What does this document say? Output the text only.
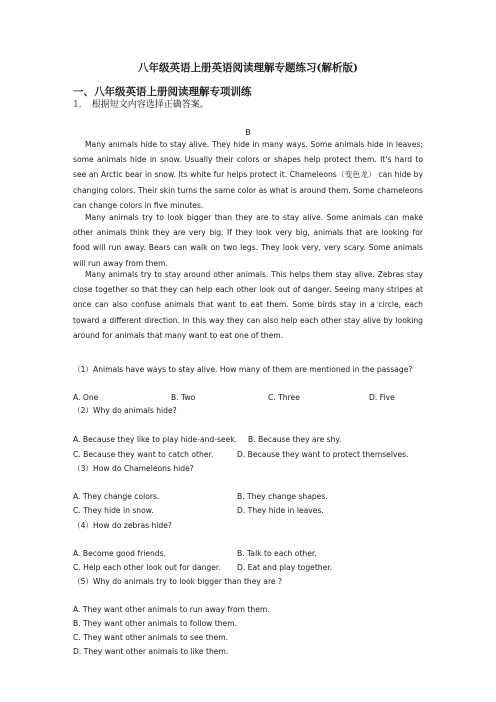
八年级英语上册英语阅读理解专题练习(解析版)
一、八年级英语上册阅读理解专项训练
1． 根据短文内容选择正确答案。
B
Many animals hide to stay alive. They hide in many ways. Some animals hide in leaves; some animals hide in snow. Usually their colors or shapes help protect them. It's hard to see an Arctic bear in snow. Its white fur helps protect it. Chameleons（变色龙） can hide by changing colors. Their skin turns the same color as what is around them. Some chameleons can change colors in five minutes.
Many animals try to look bigger than they are to stay alive. Some animals can make other animals think they are very big. If they look very big, animals that are looking for food will run away. Bears can walk on two legs. They look very, very scary. Some animals will run away from them.
Many animals try to stay around other animals. This helps them stay alive. Zebras stay close together so that they can help each other look out of danger. Seeing many stripes at once can also confuse animals that want to eat them. Some birds stay in a circle, each toward a different direction. In this way they can also help each other stay alive by looking around for animals that many want to eat one of them.
（1）Animals have ways to stay alive. How many of them are mentioned in the passage?
A. One	B. Two	C. Three	D. Five
（2）Why do animals hide?
A. Because they like to play hide-and-seek. B. Because they are shy.
C. Because they want to catch other.	D. Because they want to protect themselves.
（3）How do Chameleons hide?
A. They change colors.	B. They change shapes.
C. They hide in snow.	D. They hide in leaves.
（4）How do zebras hide?
A. Become good friends.	B. Talk to each other.
C. Help each other look out for danger. D. Eat and play together.
（5）Why do animals try to look bigger than they are ?
A. They want other animals to run away from them.
B. They want other animals to follow them.
C. They want other animals to see them.
D. They want other animals to like them.
